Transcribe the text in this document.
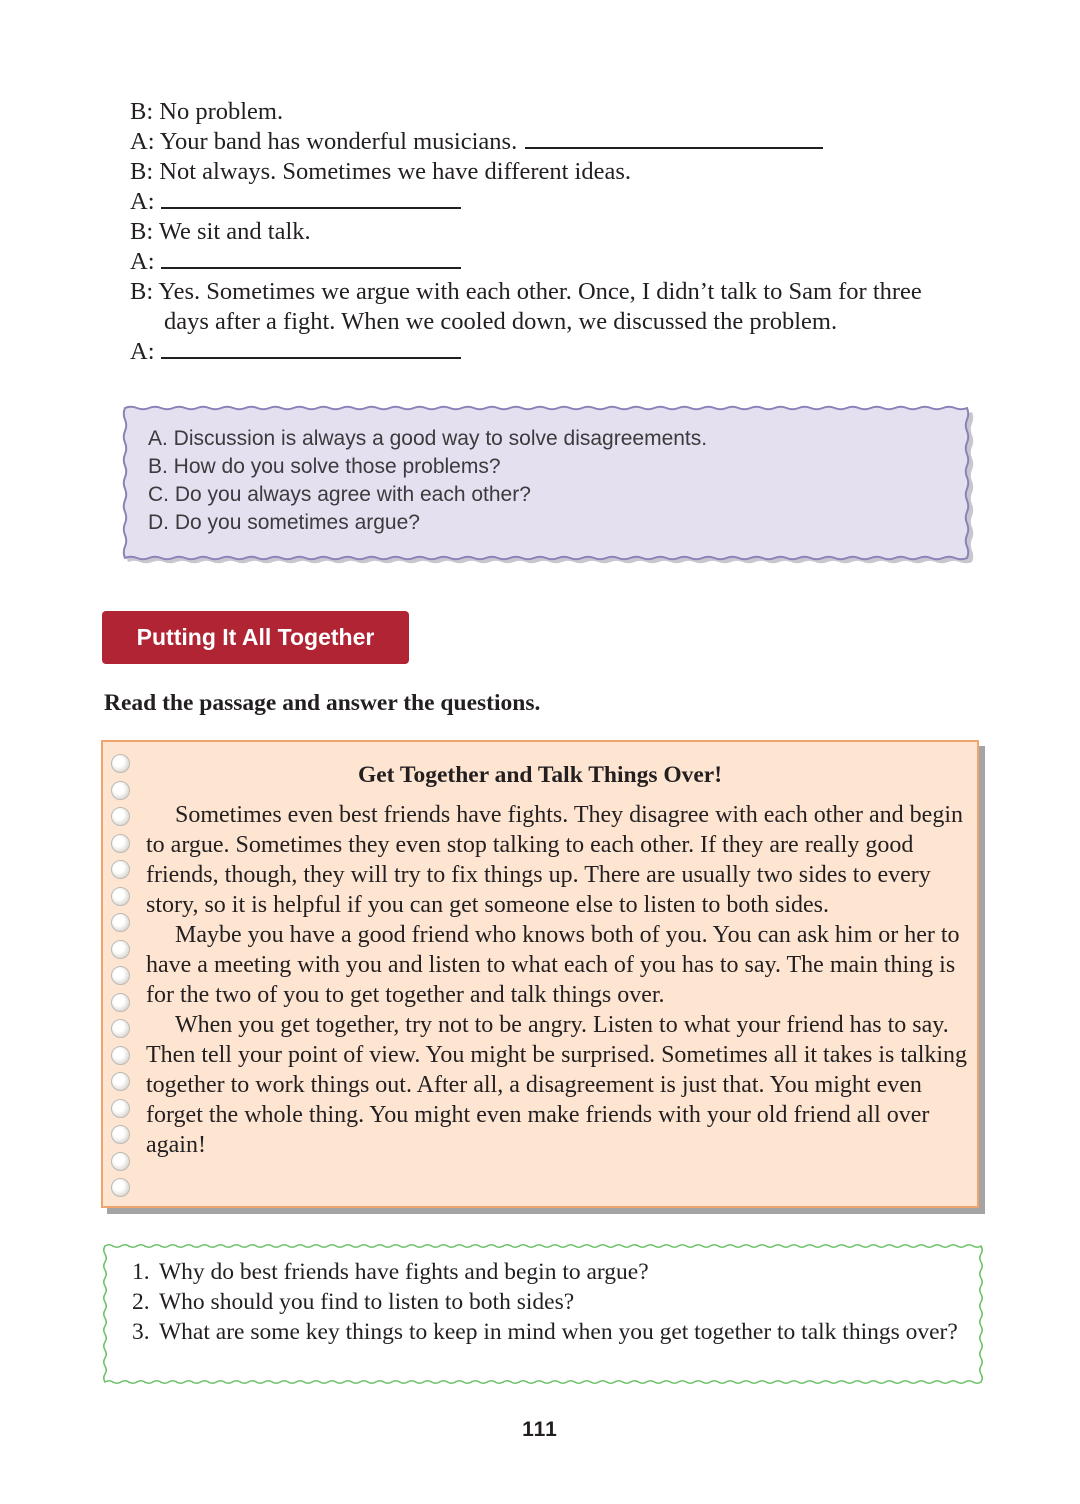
B: No problem.
A: Your band has wonderful musicians.
B: Not always. Sometimes we have different ideas.
A:
B: We sit and talk.
A:
B: Yes. Sometimes we argue with each other. Once, I didn’t talk to Sam for three
days after a fight. When we cooled down, we discussed the problem.
A:
A. Discussion is always a good way to solve disagreements.
B. How do you solve those problems?
C. Do you always agree with each other?
D. Do you sometimes argue?
Putting It All Together
Read the passage and answer the questions.
Get Together and Talk Things Over!

Sometimes even best friends have fights. They disagree with each other and begin to argue. Sometimes they even stop talking to each other. If they are really good friends, though, they will try to fix things up. There are usually two sides to every story, so it is helpful if you can get someone else to listen to both sides.

Maybe you have a good friend who knows both of you. You can ask him or her to have a meeting with you and listen to what each of you has to say. The main thing is for the two of you to get together and talk things over.

When you get together, try not to be angry. Listen to what your friend has to say. Then tell your point of view. You might be surprised. Sometimes all it takes is talking together to work things out. After all, a disagreement is just that. You might even forget the whole thing. You might even make friends with your old friend all over again!

1. Why do best friends have fights and begin to argue?
2. Who should you find to listen to both sides?
3. What are some key things to keep in mind when you get together to talk things over?
111
